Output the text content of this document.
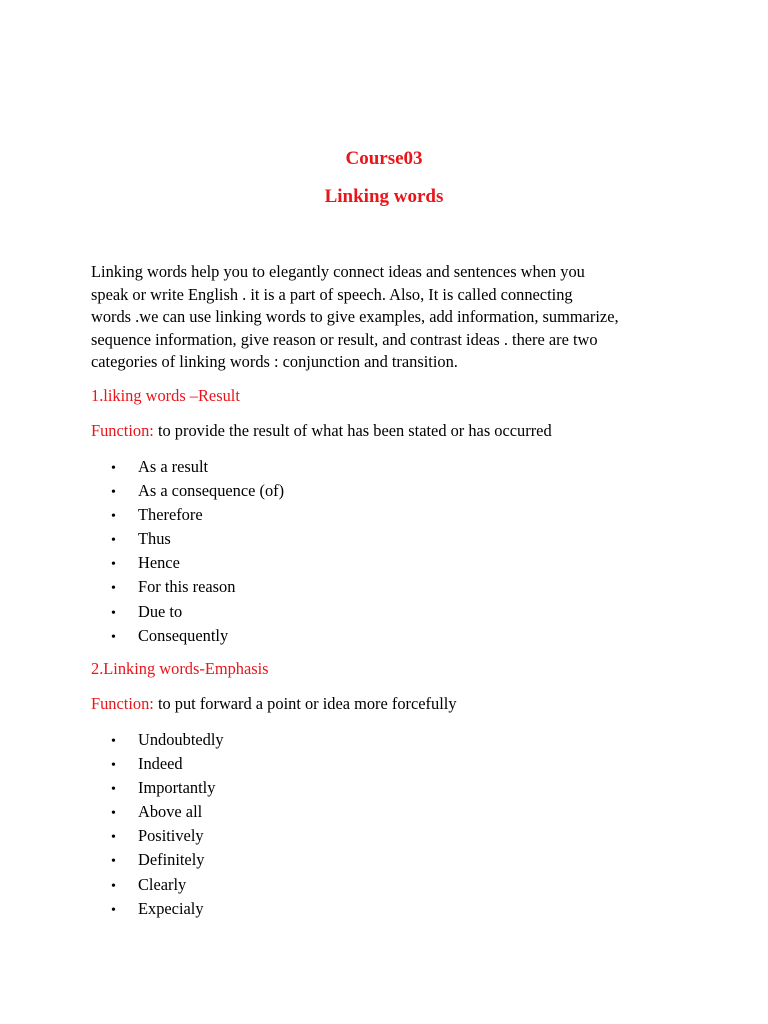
Course03

Linking words

Linking words help you to elegantly connect ideas and sentences when you
speak or write English . it is a part of speech. Also, It is called connecting
words .we can use linking words to give examples, add information, summarize,
sequence information, give reason or result, and contrast ideas . there are two
categories of linking words : conjunction and transition.

1.liking words –Result

Function: to provide the result of what has been stated or has occurred

• As a result
• As a consequence (of)
• Therefore
• Thus
• Hence
• For this reason
• Due to
• Consequently

2.Linking words-Emphasis

Function: to put forward a point or idea more forcefully

• Undoubtedly
• Indeed
• Importantly
• Above all
• Positively
• Definitely
• Clearly
• Expecialy
